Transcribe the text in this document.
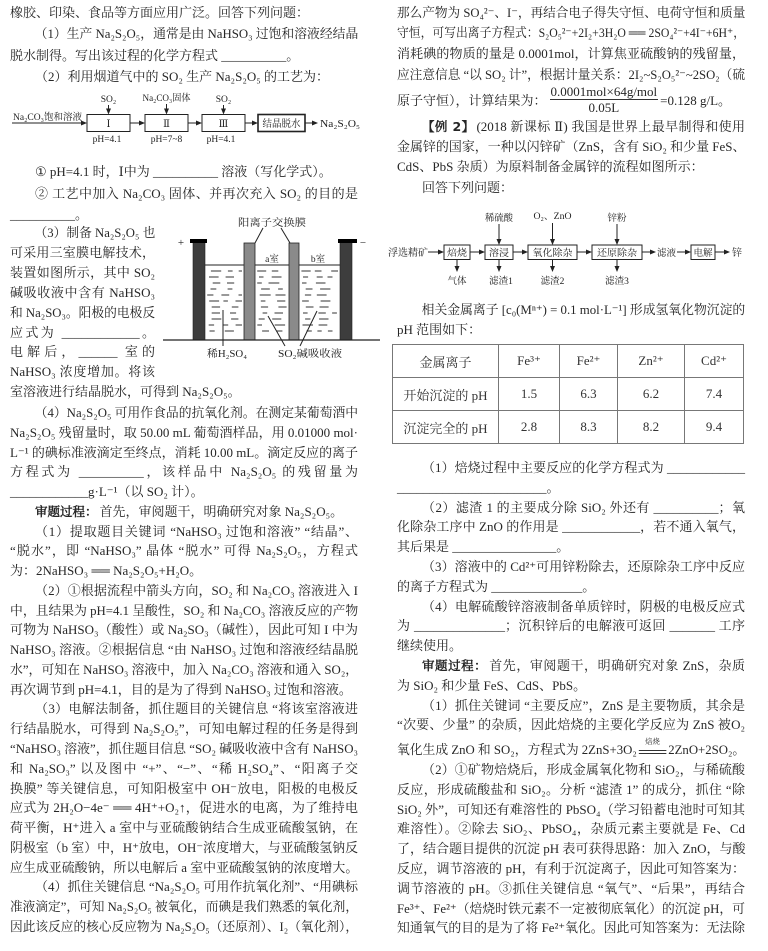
橡胶、印染、食品等方面应用广泛。回答下列问题：
（1）生产 Na₂S₂O₅，通常是由 NaHSO₃ 过饱和溶液经结晶
脱水制得。写出该过程的化学方程式 __________。
（2）利用烟道气中的 SO₂ 生产 Na₂S₂O₅ 的工艺为：
Na₂CO₃饱和溶液
Ⅰ
SO₂
pH=4.1
Ⅱ
Na₂CO₃固体
pH=7~8
Ⅲ
SO₂
pH=4.1
结晶脱水 Na₂S₂O₅
① pH=4.1 时，Ⅰ中为 __________ 溶液（写化学式）。
② 工艺中加入 Na₂CO₃ 固体、并再次充入 SO₂ 的目的是
__________。
（3）制备 Na₂S₂O₅ 也
可采用三室膜电解技术，
装置如图所示，其中 SO₂
碱吸收液中含有 NaHSO₃
和 Na₂SO₃。阳极的电极反
应式为 ____________。
电解后，______ 室的
NaHSO₃ 浓度增加。将该
室溶液进行结晶脱水，可得到 Na₂S₂O₅。
阳离子交换膜
+	−
a室	b室
稀H₂SO₄	SO₂碱吸收液
（4）Na₂S₂O₅ 可用作食品的抗氧化剂。在测定某葡萄酒中
Na₂S₂O₅ 残留量时，取 50.00 mL 葡萄酒样品，用 0.01000 mol·
L⁻¹ 的碘标准液滴定至终点，消耗 10.00 mL。滴定反应的离子
方程式为 __________，该样品中 Na₂S₂O₅ 的残留量为
____________g·L⁻¹（以 SO₂ 计）。
审题过程： 首先，审阅题干，明确研究对象 Na₂S₂O₅。
（1）提取题目关键词 “NaHSO₃ 过饱和溶液” “结晶”、
“脱水”，即 “NaHSO₃” 晶体 “脱水” 可得 Na₂S₂O₅，方程式
为：2NaHSO₃ ══ Na₂S₂O₅+H₂O。
（2）①根据流程中箭头方向，SO₂ 和 Na₂CO₃ 溶液进入 I
中，且结果为 pH=4.1 呈酸性，SO₂ 和 Na₂CO₃ 溶液反应的产物
可物为 NaHSO₃（酸性）或 Na₂SO₃（碱性），因此可知 I 中为
NaHSO₃ 溶液。②根据信息 “由 NaHSO₃ 过饱和溶液经结晶脱
水”，可知在 NaHSO₃ 溶液中，加入 Na₂CO₃ 溶液和通入 SO₂，
再次调节到 pH=4.1，目的是为了得到 NaHSO₃ 过饱和溶液。
（3）电解法制备，抓住题目的关键信息 “将该室溶液进
行结晶脱水，可得到 Na₂S₂O₅”，可知电解过程的任务是得到
“NaHSO₃ 溶液”，抓住题目信息 “SO₂ 碱吸收液中含有 NaHSO₃
和 Na₂SO₃” 以及图中 “+”、“−”、“稀 H₂SO₄”、“阳离子交
换膜” 等关键信息，可知阳极室中 OH⁻放电，阳极的电极反
应式为 2H₂O−4e⁻ ══ 4H⁺+O₂↑，促进水的电离，为了维持电
荷平衡，H⁺进入 a 室中与亚硫酸钠结合生成亚硫酸氢钠，在
阴极室（b 室）中，H⁺放电，OH⁻浓度增大，与亚硫酸氢钠反
应生成亚硫酸钠，所以电解后 a 室中亚硫酸氢钠的浓度增大。
（4）抓住关键信息 “Na₂S₂O₅ 可用作抗氧化剂”、“用碘标
准液滴定”，可知 Na₂S₂O₅ 被氧化，而碘是我们熟悉的氧化剂，
因此该反应的核心反应物为 Na₂S₂O₅（还原剂）、I₂（氧化剂），
那么产物为 SO₄²⁻、I⁻，再结合电子得失守恒、电荷守恒和质量
守恒，可写出离子方程式：S₂O₅²⁻+2I₂+3H₂O ══ 2SO₄²⁻+4I⁻+6H⁺，
消耗碘的物质的量是 0.0001mol，计算焦亚硫酸钠的残留量，
应注意信息 “以 SO₂ 计”，根据计量关系：2I₂~S₂O₅²⁻~2SO₂（硫
原子守恒），计算结果为： $\frac{\text{0.0001mol×64g/mol}}{0.05L} =0.128$ g/L。
【例 2】 (2018 新课标 Ⅱ) 我国是世界上最早制得和使用
金属锌的国家，一种以闪锌矿（ZnS，含有 SiO₂ 和少量 FeS、
CdS、PbS 杂质）为原料制备金属锌的流程如图所示：
回答下列问题：
浮选精矿 焙烧
气体
溶浸
稀硫酸
滤渣1
氧化除杂
O₂、ZnO
滤渣2
还原除杂
锌粉
滤渣3
滤液 电解 锌
相关金属离子 [c₀(Mⁿ⁺) = 0.1 mol·L⁻¹] 形成氢氧化物沉淀的
pH 范围如下：
金属离子	Fe³⁺	Fe²⁺	Zn²⁺	Cd²⁺
开始沉淀的 pH	1.5	6.3	6.2	7.4
沉淀完全的 pH	2.8	8.3	8.2	9.4
（1）焙烧过程中主要反应的化学方程式为 ____________
_______________________。
（2）滤渣 1 的主要成分除 SiO₂ 外还有 __________；氧
化除杂工序中 ZnO 的作用是 ____________，若不通入氧气，
其后果是 ________________。
（3）溶液中的 Cd²⁺可用锌粉除去，还原除杂工序中反应
的离子方程式为 ______________。
（4）电解硫酸锌溶液制备单质锌时，阴极的电极反应式
为 ______________；沉积锌后的电解液可返回 _______ 工序
继续使用。
审题过程： 首先，审阅题干，明确研究对象 ZnS，杂质
为 SiO₂ 和少量 FeS、CdS、PbS。
（1）抓住关键词 “主要反应”，ZnS 是主要物质，其余是
“次要、少量” 的杂质，因此焙烧的主要化学反应为 ZnS 被O₂
氧化生成 ZnO 和 SO₂，方程式为 2ZnS+3O₂
焙烧
2ZnO+2SO₂。
（2）①矿物焙烧后，形成金属氧化物和 SiO₂，与稀硫酸
反应，形成硫酸盐和 SiO₂。分析 “滤渣 1” 的成分，抓住 “除
SiO₂ 外”，可知还有难溶性的 PbSO₄（学习铅蓄电池时可知其
难溶性）。②除去 SiO₂、PbSO₄，杂质元素主要就是 Fe、Cd
了，结合题目提供的沉淀 pH 表可获得思路：加入 ZnO，与酸
反应，调节溶液的 pH，有利于沉淀离子，因此可知答案为：
调节溶液的 pH。③抓住关键信息 “氧气”、“后果”，再结合
Fe³⁺、Fe²⁺（焙烧时铁元素不一定被彻底氧化）的沉淀 pH，可
知通氧气的目的是为了将 Fe²⁺氧化。因此可知答案为：无法除
